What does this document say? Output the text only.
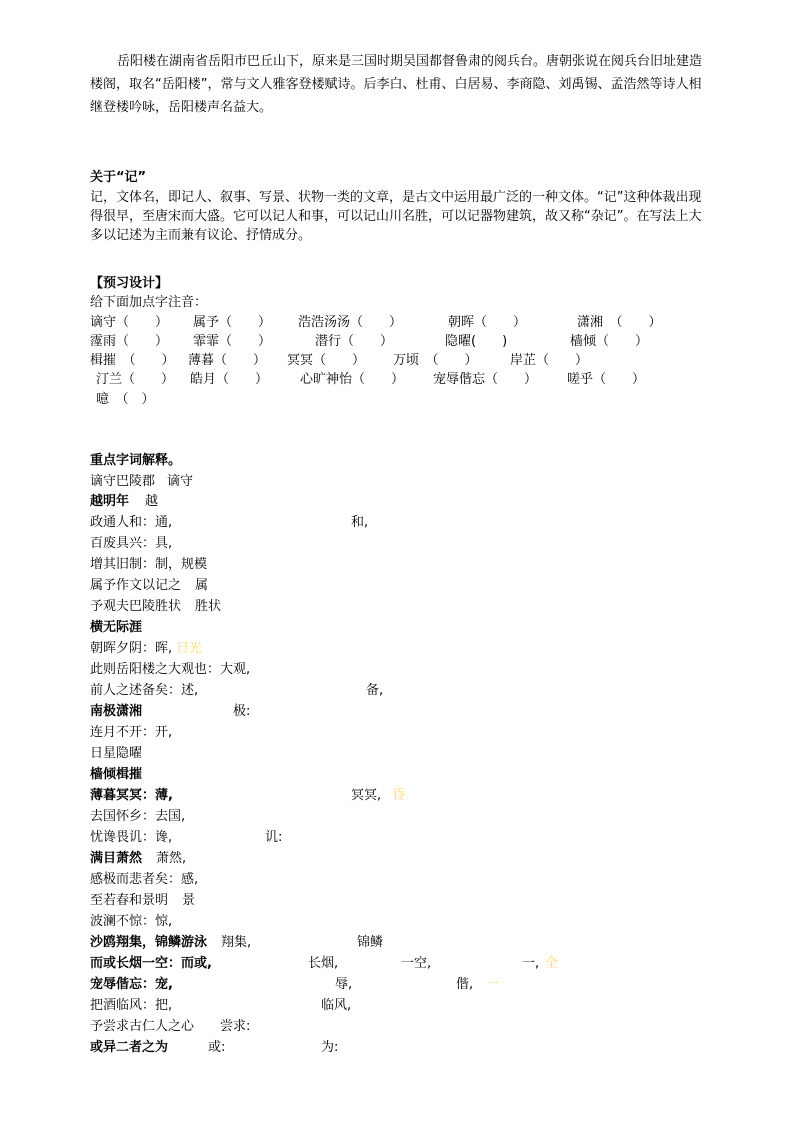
岳阳楼在湖南省岳阳市巴丘山下，原来是三国时期吴国都督鲁肃的阅兵台。唐朝张说在阅兵台旧址建造楼阁，取名“岳阳楼”，常与文人雅客登楼赋诗。后李白、杜甫、白居易、李商隐、刘禹锡、孟浩然等诗人相继登楼吟咏，岳阳楼声名益大。

关于“记”

记，文体名，即记人、叙事、写景、状物一类的文章，是古文中运用最广泛的一种文体。“记”这种体裁出现得很早，至唐宋而大盛。它可以记人和事，可以记山川名胜，可以记器物建筑，故又称“杂记”。在写法上大多以记述为主而兼有议论、抒情成分。

【预习设计】
给下面加点字注音：
谪守（　　） 属予（　　） 浩浩汤汤（　　）	朝晖（　　）	潇湘　（　　）
霪雨（　　） 霏霏（　　）	潜行（　　）	隐曜(　　)	樯倾（　　）
楫摧　（　　） 薄暮（　　） 冥冥（　　） 万顷　（　　） 岸芷（　　）
汀兰（　　） 皓月（　　） 心旷神怡（　　） 宠辱偕忘（　　） 嗟乎（　　）
噫　（　）
重点字词解释。
谪守巴陵郡 谪守
越明年 越
政通人和：通,	和,
百废具兴：具,
增其旧制：制，规模
属予作文以记之 属
予观夫巴陵胜状 胜状
横无际涯
朝晖夕阴：晖, 日光
此则岳阳楼之大观也：大观,
前人之述备矣：述,	备,
南极潇湘	极:
连月不开：开,
日星隐曜
樯倾楫摧
薄暮冥冥：薄,	冥冥, 昏
去国怀乡：去国,
忧谗畏讥：谗,	讥:
满目萧然 萧然,
感极而悲者矣：感,
至若春和景明 景
波澜不惊：惊,
沙鸥翔集，锦鳞游泳 翔集,	锦鳞
而或长烟一空：而或,	长烟,	一空,	一, 全
宠辱偕忘：宠,	辱,	偕, 一
把酒临风：把,	临风,
予尝求古仁人之心 尝求:
或异二者之为	或:	为:
